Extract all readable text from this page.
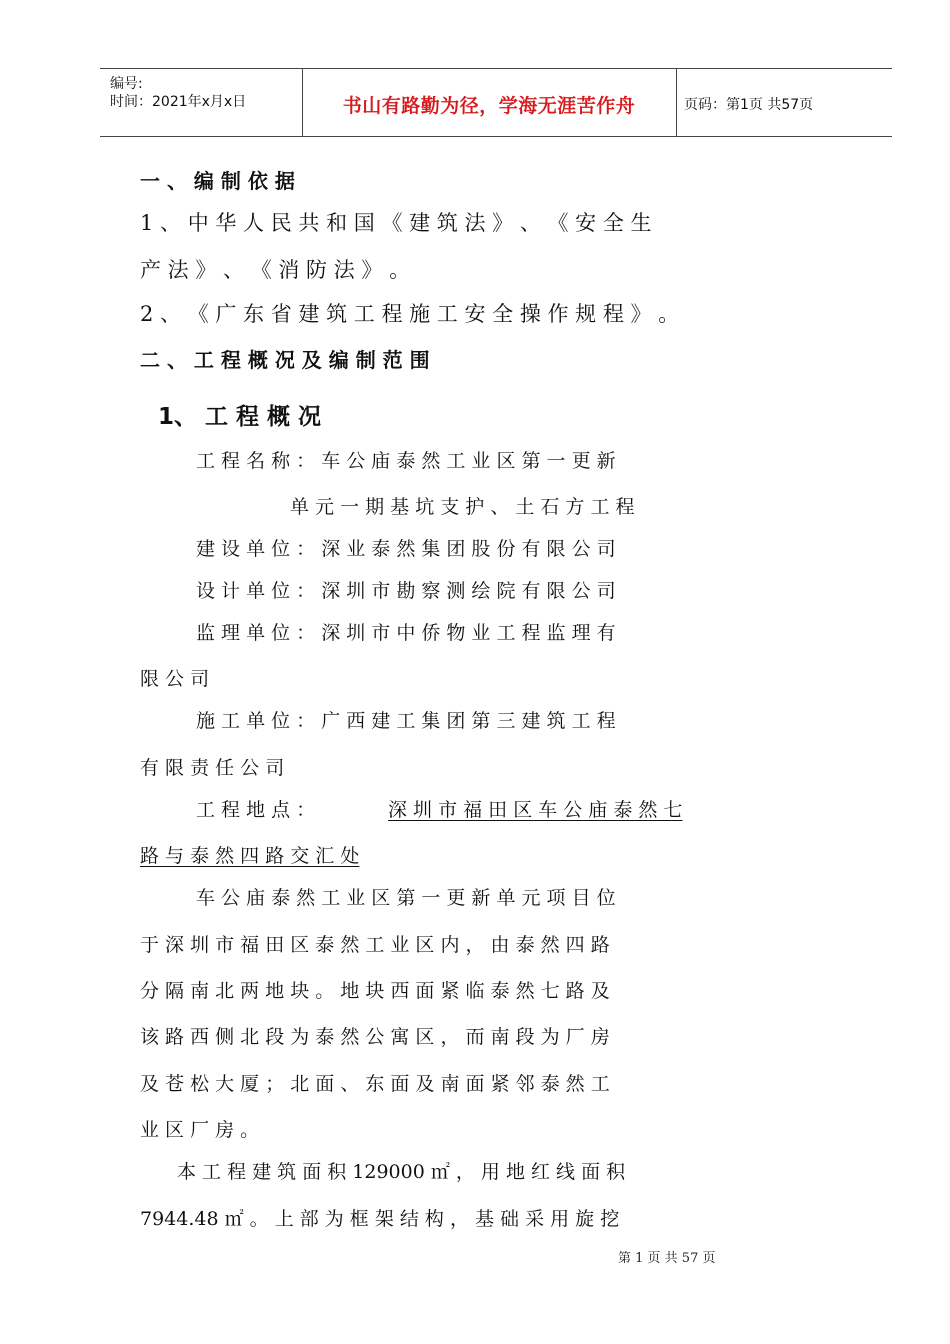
编号:
时间：2021年x月x日	书山有路勤为径，学海无涯苦作舟	页码：第1页 共57页
一 、 编 制 依 据
1 、 中 华 人 民 共 和 国 《 建 筑 法 》 、 《 安 全 生
产 法 》 、 《 消 防 法 》 。
2 、 《 广 东 省 建 筑 工 程 施 工 安 全 操 作 规 程 》 。
二 、 工 程 概 况 及 编 制 范 围
1、 工 程 概 况
工 程 名 称 ： 车 公 庙 泰 然 工 业 区 第 一 更 新
单 元 一 期 基 坑 支 护 、 土 石 方 工 程
建 设 单 位 ： 深 业 泰 然 集 团 股 份 有 限 公 司
设 计 单 位 ： 深 圳 市 勘 察 测 绘 院 有 限 公 司
监 理 单 位 ： 深 圳 市 中 侨 物 业 工 程 监 理 有
限 公 司
施 工 单 位 ： 广 西 建 工 集 团 第 三 建 筑 工 程
有 限 责 任 公 司
工 程 地 点 ：	深 圳 市 福 田 区 车 公 庙 泰 然 七
路 与 泰 然 四 路 交 汇 处
车 公 庙 泰 然 工 业 区 第 一 更 新 单 元 项 目 位
于 深 圳 市 福 田 区 泰 然 工 业 区 内 ， 由 泰 然 四 路
分 隔 南 北 两 地 块 。 地 块 西 面 紧 临 泰 然 七 路 及
该 路 西 侧 北 段 为 泰 然 公 寓 区 ， 而 南 段 为 厂 房
及 苍 松 大 厦 ； 北 面 、 东 面 及 南 面 紧 邻 泰 然 工
业 区 厂 房 。
本 工 程 建 筑 面 积 129000 ㎡ ， 用 地 红 线 面 积
7944.48 ㎡ 。 上 部 为 框 架 结 构 ， 基 础 采 用 旋 挖
第 1 页 共 57 页
